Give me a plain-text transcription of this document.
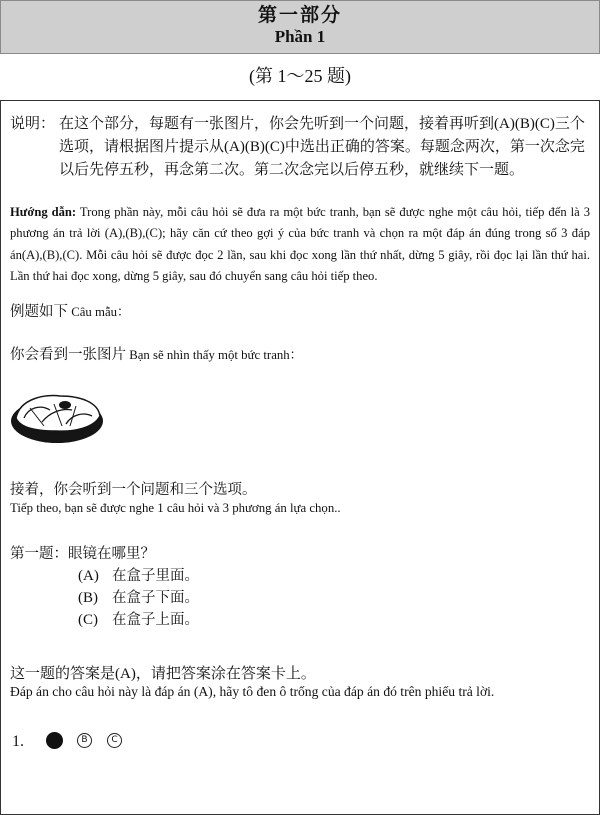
第一部分
Phần 1
(第 1～25 题)
说明： 在这个部分，每题有一张图片，你会先听到一个问题，接着再听到(A)(B)(C)三个选项，请根据图片提示从(A)(B)(C)中选出正确的答案。每题念两次，第一次念完以后先停五秒，再念第二次。第二次念完以后停五秒，就继续下一题。
Hướng dẫn: Trong phần này, mỗi câu hỏi sẽ đưa ra một bức tranh, bạn sẽ được nghe một câu hỏi, tiếp đến là 3 phương án trả lời (A),(B),(C); hãy căn cứ theo gợi ý của bức tranh và chọn ra một đáp án đúng trong số 3 đáp án(A),(B),(C). Mỗi câu hỏi sẽ được đọc 2 lần, sau khi đọc xong lần thứ nhất, dừng 5 giây, rồi đọc lại lần thứ hai. Lần thứ hai đọc xong, dừng 5 giây, sau đó chuyển sang câu hỏi tiếp theo.
例题如下 Câu mẫu：
你会看到一张图片 Bạn sẽ nhìn thấy một bức tranh：
接着，你会听到一个问题和三个选项。
Tiếp theo, bạn sẽ được nghe 1 câu hỏi và 3 phương án lựa chọn..
第一题：眼镜在哪里？
(A) 在盒子里面。
(B) 在盒子下面。
(C) 在盒子上面。
这一题的答案是(A)，请把答案涂在答案卡上。
Đáp án cho câu hỏi này là đáp án (A), hãy tô đen ô trống của đáp án đó trên phiếu trả lời.
1.	B	C
